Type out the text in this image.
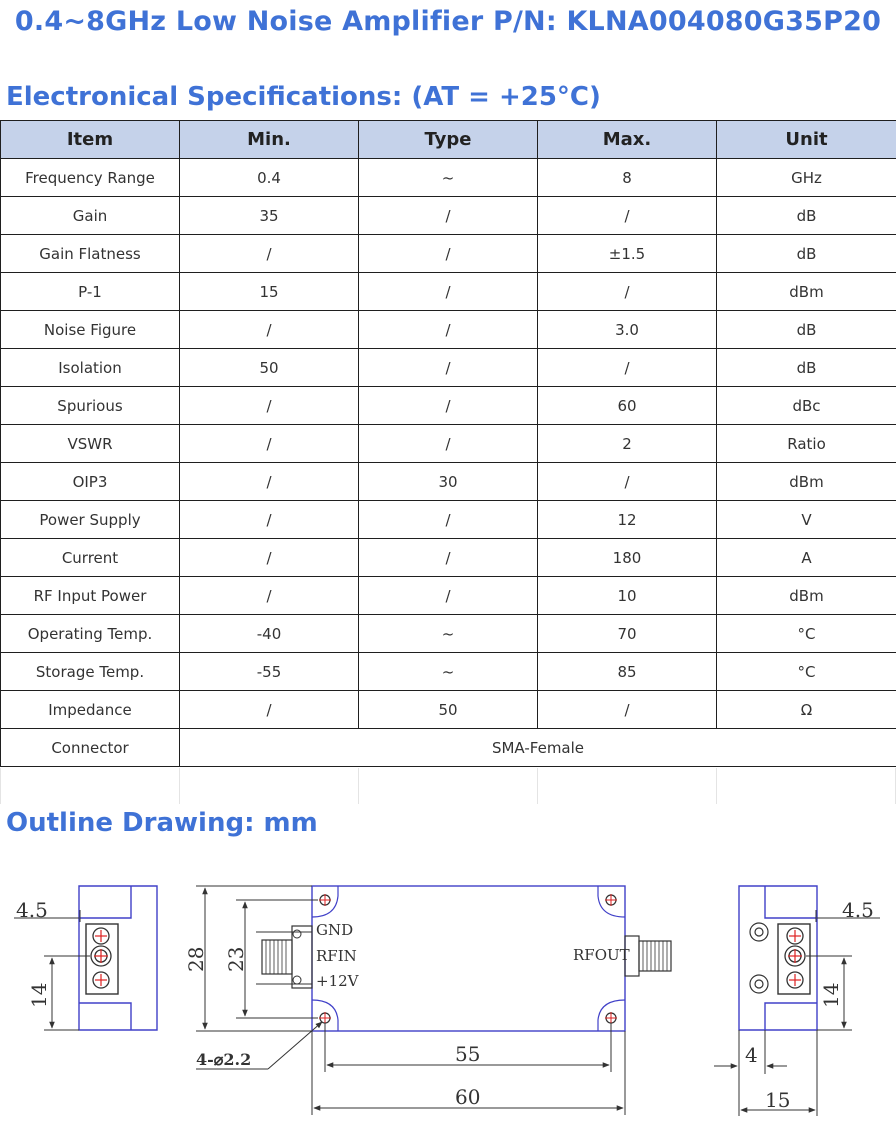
0.4~8GHz Low Noise Amplifier P/N: KLNA004080G35P20
Electronical Specifications: (AT = +25°C)
Item	Min.	Type	Max.	Unit
Frequency Range	0.4	~	8	GHz
Gain	35	/	/	dB
Gain Flatness	/	/	±1.5	dB
P-1	15	/	/	dBm
Noise Figure	/	/	3.0	dB
Isolation	50	/	/	dB
Spurious	/	/	60	dBc
VSWR	/	/	2	Ratio
OIP3	/	30	/	dBm
Power Supply	/	/	12	V
Current	/	/	180	A
RF Input Power	/	/	10	dBm
Operating Temp.	-40	~	70	°C
Storage Temp.	-55	~	85	°C
Impedance	/	50	/	Ω
Connector	SMA-Female			
Outline Drawing: mm
4.5
14
GND
RFIN
+12V
RFOUT
28 23
55
60
4-⌀2.2
4.5
14
4
15
